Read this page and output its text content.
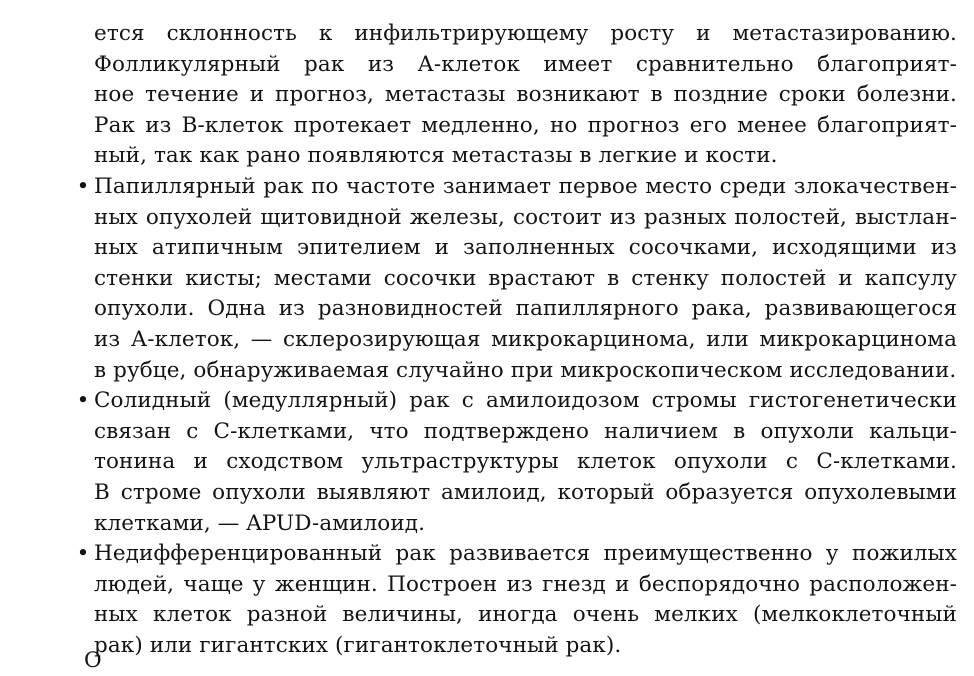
ется склонность к инфильтрирующему росту и метастазированию.
Фолликулярный рак из А-клеток имеет сравнительно благоприят-
ное течение и прогноз, метастазы возникают в поздние сроки болезни.
Рак из В-клеток протекает медленно, но прогноз его менее благоприят-
ный, так как рано появляются метастазы в легкие и кости.
• Папиллярный рак по частоте занимает первое место среди злокачествен-
ных опухолей щитовидной железы, состоит из разных полостей, выстлан-
ных атипичным эпителием и заполненных сосочками, исходящими из
стенки кисты; местами сосочки врастают в стенку полостей и капсулу
опухоли. Одна из разновидностей папиллярного рака, развивающегося
из А-клеток, — склерозирующая микрокарцинома, или микрокарцинома
в рубце, обнаруживаемая случайно при микроскопическом исследовании.
• Солидный (медуллярный) рак с амилоидозом стромы гистогенетически
связан с С-клетками, что подтверждено наличием в опухоли кальци-
тонина и сходством ультраструктуры клеток опухоли с С-клетками.
В строме опухоли выявляют амилоид, который образуется опухолевыми
клетками, — APUD-амилоид.
• Недифференцированный рак развивается преимущественно у пожилых
людей, чаще у женщин. Построен из гнезд и беспорядочно расположен-
ных клеток разной величины, иногда очень мелких (мелкоклеточный
рак) или гигантских (гигантоклеточный рак).
О
